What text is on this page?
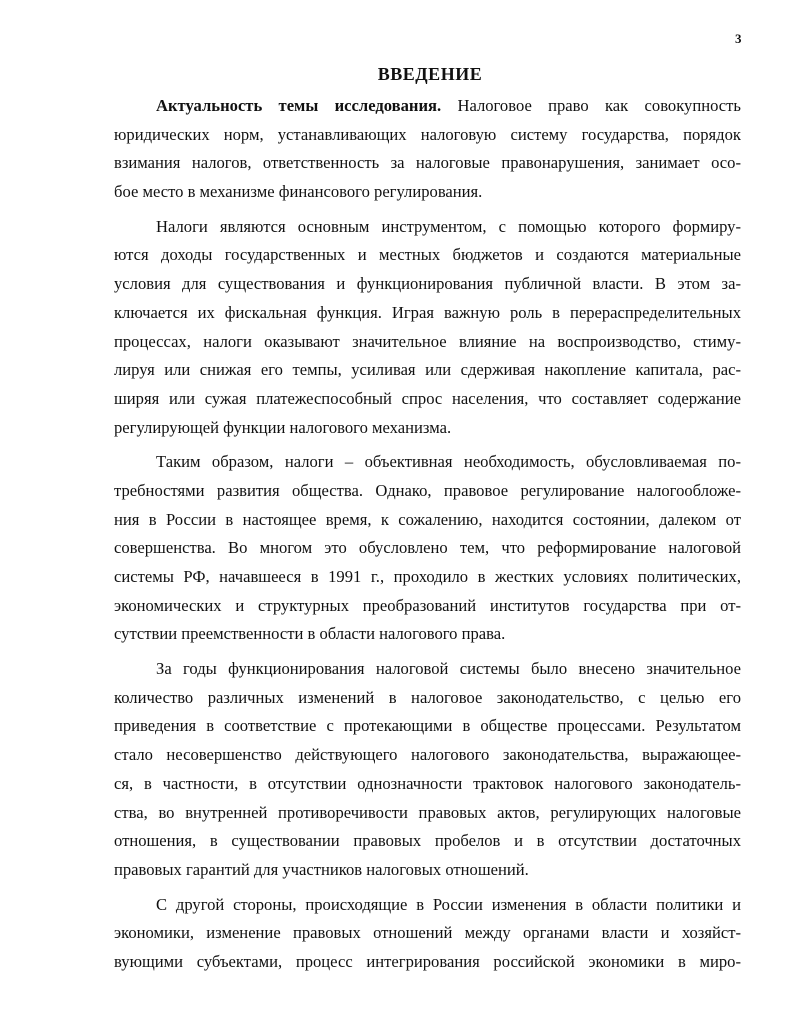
3
ВВЕДЕНИЕ
Актуальность темы исследования. Налоговое право как совокупность
юридических норм, устанавливающих налоговую систему государства, порядок
взимания налогов, ответственность за налоговые правонарушения, занимает осо-
бое место в механизме финансового регулирования.
Налоги являются основным инструментом, с помощью которого формиру-
ются доходы государственных и местных бюджетов и создаются материальные
условия для существования и функционирования публичной власти. В этом за-
ключается их фискальная функция. Играя важную роль в перераспределительных
процессах, налоги оказывают значительное влияние на воспроизводство, стиму-
лируя или снижая его темпы, усиливая или сдерживая накопление капитала, рас-
ширяя или сужая платежеспособный спрос населения, что составляет содержание
регулирующей функции налогового механизма.
Таким образом, налоги – объективная необходимость, обусловливаемая по-
требностями развития общества. Однако, правовое регулирование налогообложе-
ния в России в настоящее время, к сожалению, находится состоянии, далеком от
совершенства. Во многом это обусловлено тем, что реформирование налоговой
системы РФ, начавшееся в 1991 г., проходило в жестких условиях политических,
экономических и структурных преобразований институтов государства при от-
сутствии преемственности в области налогового права.
За годы функционирования налоговой системы было внесено значительное
количество различных изменений в налоговое законодательство, с целью его
приведения в соответствие с протекающими в обществе процессами. Результатом
стало несовершенство действующего налогового законодательства, выражающее-
ся, в частности, в отсутствии однозначности трактовок налогового законодатель-
ства, во внутренней противоречивости правовых актов, регулирующих налоговые
отношения, в существовании правовых пробелов и в отсутствии достаточных
правовых гарантий для участников налоговых отношений.
С другой стороны, происходящие в России изменения в области политики и
экономики, изменение правовых отношений между органами власти и хозяйст-
вующими субъектами, процесс интегрирования российской экономики в миро-
